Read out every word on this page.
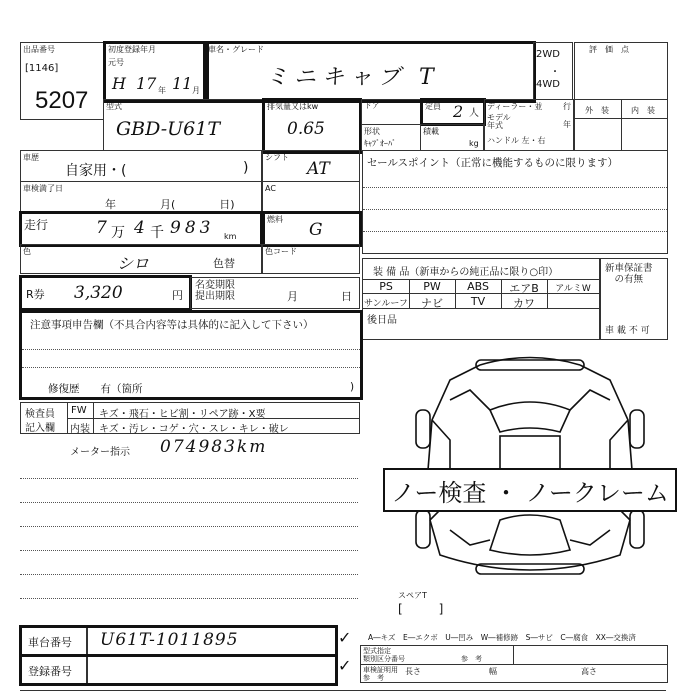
出品番号
[1146]
5207
初度登録年月
元号
H 17 年 11 月
車名・グレード
ミニキャブ T
2WD
・
4WD
評　価　点
型式
GBD-U61T
排気量又はkw
0.65
ドア	定員 2 人
ディーラー・並	行
モデル
年式	年
ハンドル 左・右
外　装	内　装
形状
ｷｬﾌﾞｵｰﾊﾞ
積載
kg
車歴
自家用・(	)
シフト
AT
車検満了日
年　　　　月(　　　　日)
AC
走行	7 万 4 千 983 km
燃料
G
色
シロ	色替
色コード
R券 3,320	円
名変期限
提出期限	月	日
セールスポイント（正常に機能するものに限ります）
装 備 品（新車からの純正品に限り○印）
PS	PW	ABS	エアB	アルミW
サンルーフ	ナビ	TV	カワ
後日品
新車保証書
の有無
車 載 不 可
注意事項申告欄（不具合内容等は具体的に記入して下さい）
修復歴　　有（箇所	)
検査員
記入欄
FW キズ・飛石・ヒビ割・リペア跡・X要
内装 キズ・汚レ・コゲ・穴・スレ・キレ・破レ
メーター指示 074983km
ノー検査 ・ ノークレーム
スペアT
[　　　]
A―キズ　E―エクボ　U―凹み　W―補修跡　S―サビ　C―腐食　XX―交換済
車台番号 U61T-1011895
登録番号
✓
✓
型式指定
類別区分番号	参　考
車検証明用
参　考
長さ	幅	高さ
